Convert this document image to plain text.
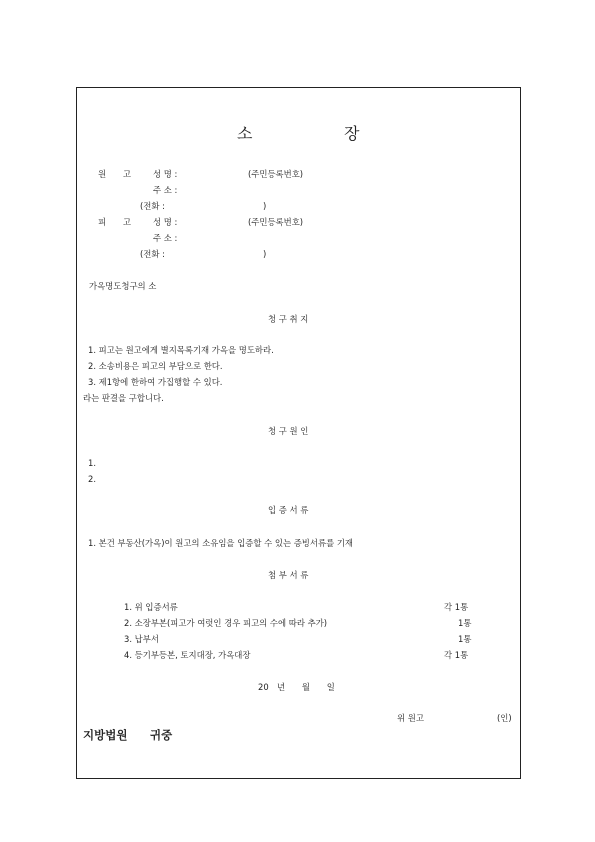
소	장
원　　고	성 명 :	(주민등록번호)
주 소 :
(전화 :	)
피　　고	성 명 :	(주민등록번호)
주 소 :
(전화 :	)
가옥명도청구의 소
청 구 취 지
1. 피고는 원고에게 별지목록기재 가옥을 명도하라.
2. 소송비용은 피고의 부담으로 한다.
3. 제1항에 한하여 가집행할 수 있다.
라는 판결을 구합니다.
청 구 원 인
1.
2.
입 증 서 류
1. 본건 부동산(가옥)이 원고의 소유임을 입증할 수 있는 증빙서류를 기재
첨 부 서 류
1. 위 입증서류	각 1통
2. 소장부본(피고가 여럿인 경우 피고의 수에 따라 추가)	1통
3. 납부서	1통
4. 등기부등본, 토지대장, 가옥대장	각 1통
20　년　　월　　일
위 원고	(인)
지방법원 귀중
